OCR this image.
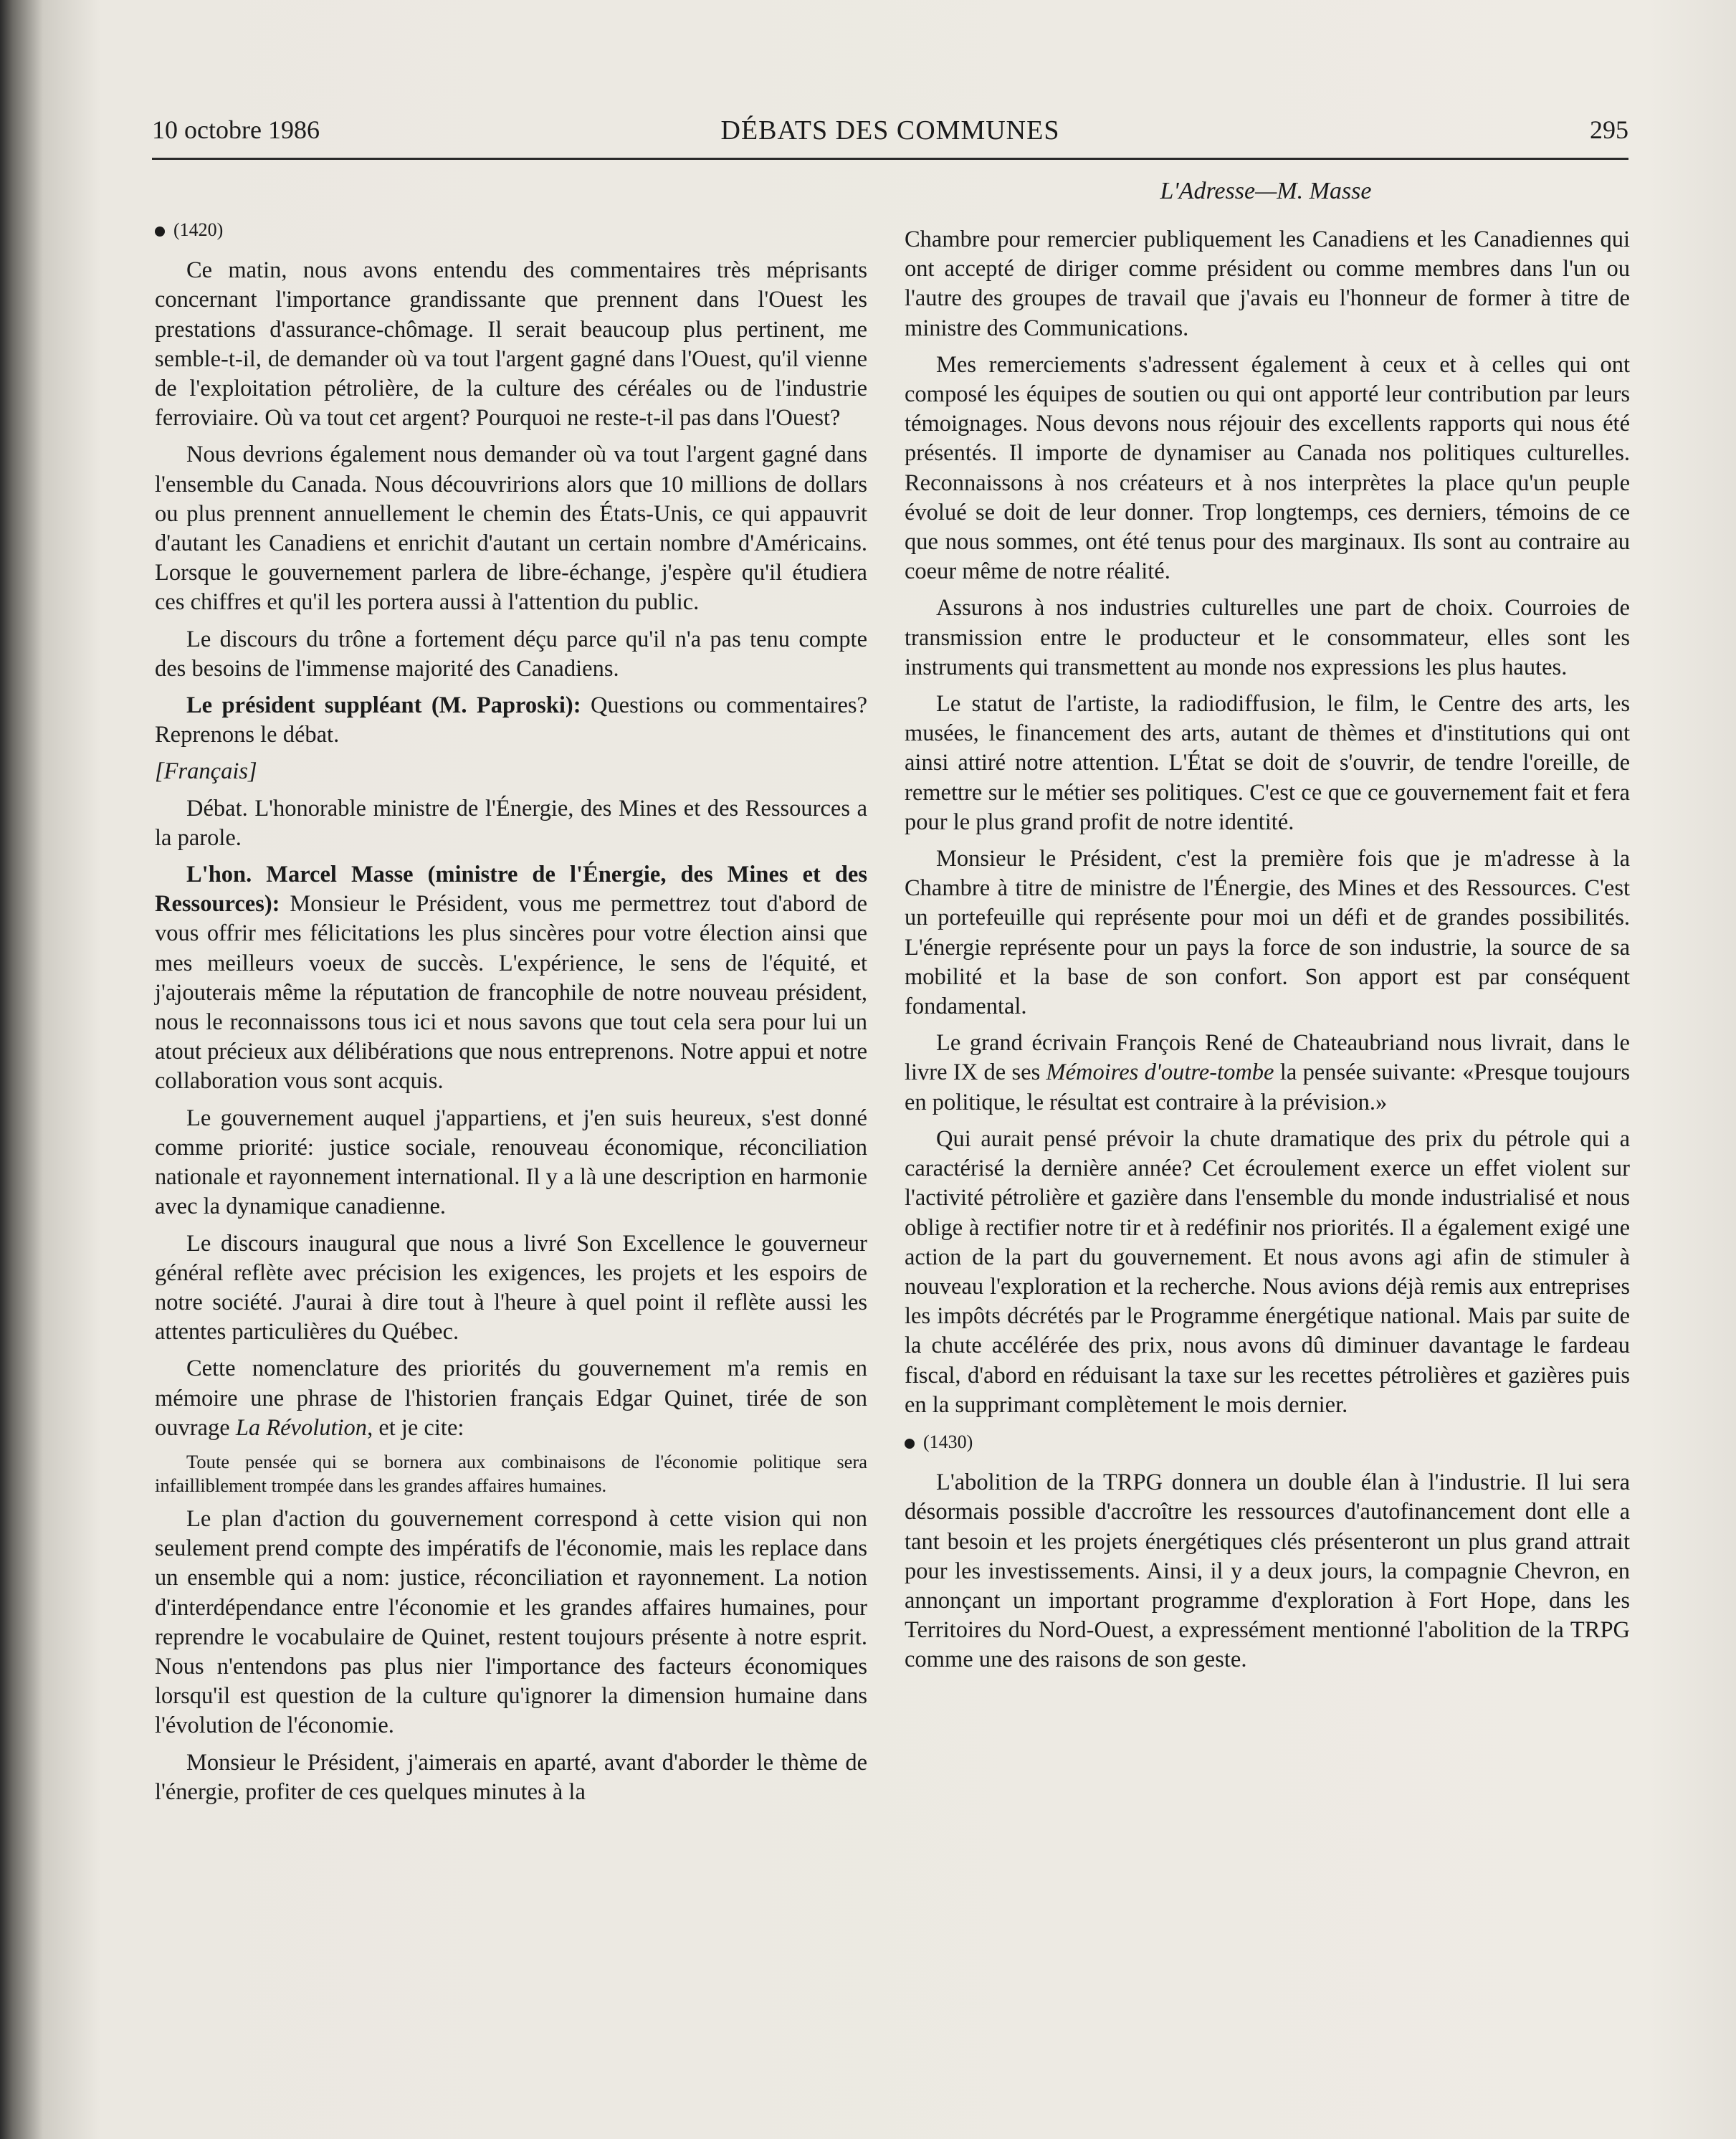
10 octobre 1986	DÉBATS DES COMMUNES	295
L'Adresse—M. Masse
(1420)

Ce matin, nous avons entendu des commentaires très méprisants concernant l'importance grandissante que prennent dans l'Ouest les prestations d'assurance-chômage. Il serait beaucoup plus pertinent, me semble-t-il, de demander où va tout l'argent gagné dans l'Ouest, qu'il vienne de l'exploitation pétrolière, de la culture des céréales ou de l'industrie ferroviaire. Où va tout cet argent? Pourquoi ne reste-t-il pas dans l'Ouest?

Nous devrions également nous demander où va tout l'argent gagné dans l'ensemble du Canada. Nous découvririons alors que 10 millions de dollars ou plus prennent annuellement le chemin des États-Unis, ce qui appauvrit d'autant les Canadiens et enrichit d'autant un certain nombre d'Américains. Lorsque le gouvernement parlera de libre-échange, j'espère qu'il étudiera ces chiffres et qu'il les portera aussi à l'attention du public.

Le discours du trône a fortement déçu parce qu'il n'a pas tenu compte des besoins de l'immense majorité des Canadiens.

Le président suppléant (M. Paproski): Questions ou commentaires? Reprenons le débat.

[Français]

Débat. L'honorable ministre de l'Énergie, des Mines et des Ressources a la parole.

L'hon. Marcel Masse (ministre de l'Énergie, des Mines et des Ressources): Monsieur le Président, vous me permettrez tout d'abord de vous offrir mes félicitations les plus sincères pour votre élection ainsi que mes meilleurs voeux de succès. L'expérience, le sens de l'équité, et j'ajouterais même la réputation de francophile de notre nouveau président, nous le reconnaissons tous ici et nous savons que tout cela sera pour lui un atout précieux aux délibérations que nous entreprenons. Notre appui et notre collaboration vous sont acquis.

Le gouvernement auquel j'appartiens, et j'en suis heureux, s'est donné comme priorité: justice sociale, renouveau économique, réconciliation nationale et rayonnement international. Il y a là une description en harmonie avec la dynamique canadienne.

Le discours inaugural que nous a livré Son Excellence le gouverneur général reflète avec précision les exigences, les projets et les espoirs de notre société. J'aurai à dire tout à l'heure à quel point il reflète aussi les attentes particulières du Québec.

Cette nomenclature des priorités du gouvernement m'a remis en mémoire une phrase de l'historien français Edgar Quinet, tirée de son ouvrage La Révolution, et je cite:

Toute pensée qui se bornera aux combinaisons de l'économie politique sera infailliblement trompée dans les grandes affaires humaines.

Le plan d'action du gouvernement correspond à cette vision qui non seulement prend compte des impératifs de l'économie, mais les replace dans un ensemble qui a nom: justice, réconciliation et rayonnement. La notion d'interdépendance entre l'économie et les grandes affaires humaines, pour reprendre le vocabulaire de Quinet, restent toujours présente à notre esprit. Nous n'entendons pas plus nier l'importance des facteurs économiques lorsqu'il est question de la culture qu'ignorer la dimension humaine dans l'évolution de l'économie.

Monsieur le Président, j'aimerais en aparté, avant d'aborder le thème de l'énergie, profiter de ces quelques minutes à la

Chambre pour remercier publiquement les Canadiens et les Canadiennes qui ont accepté de diriger comme président ou comme membres dans l'un ou l'autre des groupes de travail que j'avais eu l'honneur de former à titre de ministre des Communications.

Mes remerciements s'adressent également à ceux et à celles qui ont composé les équipes de soutien ou qui ont apporté leur contribution par leurs témoignages. Nous devons nous réjouir des excellents rapports qui nous été présentés. Il importe de dynamiser au Canada nos politiques culturelles. Reconnaissons à nos créateurs et à nos interprètes la place qu'un peuple évolué se doit de leur donner. Trop longtemps, ces derniers, témoins de ce que nous sommes, ont été tenus pour des marginaux. Ils sont au contraire au coeur même de notre réalité.

Assurons à nos industries culturelles une part de choix. Courroies de transmission entre le producteur et le consommateur, elles sont les instruments qui transmettent au monde nos expressions les plus hautes.

Le statut de l'artiste, la radiodiffusion, le film, le Centre des arts, les musées, le financement des arts, autant de thèmes et d'institutions qui ont ainsi attiré notre attention. L'État se doit de s'ouvrir, de tendre l'oreille, de remettre sur le métier ses politiques. C'est ce que ce gouvernement fait et fera pour le plus grand profit de notre identité.

Monsieur le Président, c'est la première fois que je m'adresse à la Chambre à titre de ministre de l'Énergie, des Mines et des Ressources. C'est un portefeuille qui représente pour moi un défi et de grandes possibilités. L'énergie représente pour un pays la force de son industrie, la source de sa mobilité et la base de son confort. Son apport est par conséquent fondamental.

Le grand écrivain François René de Chateaubriand nous livrait, dans le livre IX de ses Mémoires d'outre-tombe la pensée suivante: «Presque toujours en politique, le résultat est contraire à la prévision.»

Qui aurait pensé prévoir la chute dramatique des prix du pétrole qui a caractérisé la dernière année? Cet écroulement exerce un effet violent sur l'activité pétrolière et gazière dans l'ensemble du monde industrialisé et nous oblige à rectifier notre tir et à redéfinir nos priorités. Il a également exigé une action de la part du gouvernement. Et nous avons agi afin de stimuler à nouveau l'exploration et la recherche. Nous avions déjà remis aux entreprises les impôts décrétés par le Programme énergétique national. Mais par suite de la chute accélérée des prix, nous avons dû diminuer davantage le fardeau fiscal, d'abord en réduisant la taxe sur les recettes pétrolières et gazières puis en la supprimant complètement le mois dernier.

(1430)

L'abolition de la TRPG donnera un double élan à l'industrie. Il lui sera désormais possible d'accroître les ressources d'autofinancement dont elle a tant besoin et les projets énergétiques clés présenteront un plus grand attrait pour les investissements. Ainsi, il y a deux jours, la compagnie Chevron, en annonçant un important programme d'exploration à Fort Hope, dans les Territoires du Nord-Ouest, a expressément mentionné l'abolition de la TRPG comme une des raisons de son geste.
